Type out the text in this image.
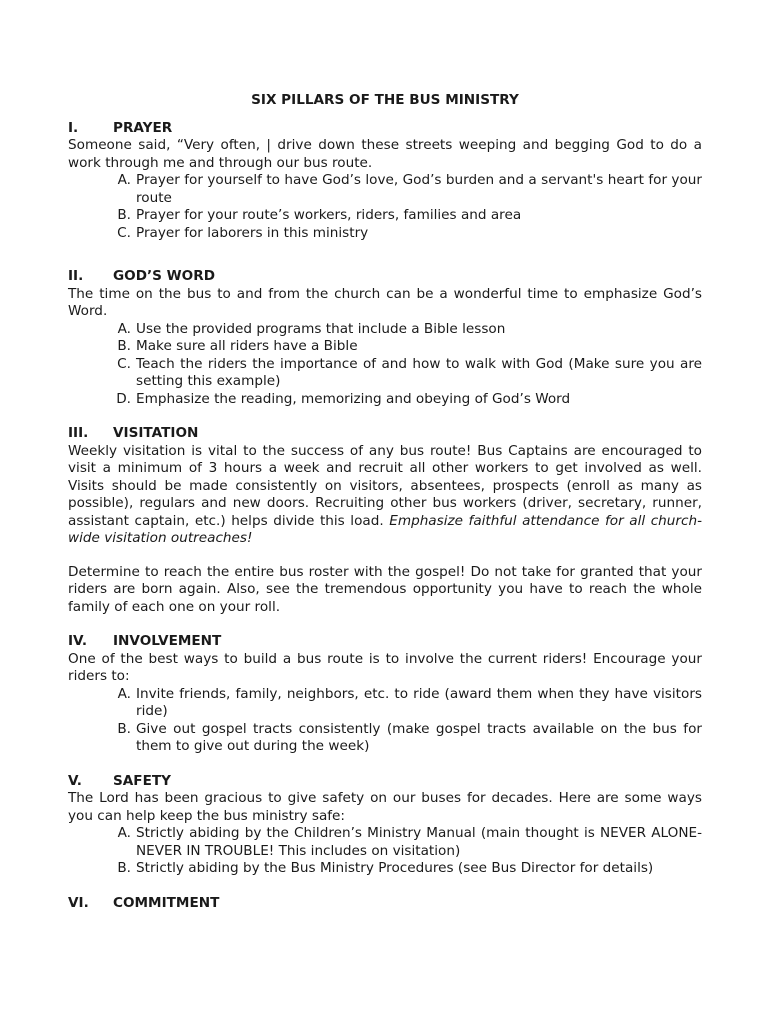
SIX PILLARS OF THE BUS MINISTRY
I.	PRAYER

Someone said, “Very often, | drive down these streets weeping and begging God to do a work through me and through our bus route.

A. Prayer for yourself to have God’s love, God’s burden and a servant's heart for your route
B. Prayer for your route’s workers, riders, families and area
C. Prayer for laborers in this ministry
II.	GOD’S WORD

The time on the bus to and from the church can be a wonderful time to emphasize God’s Word.

A. Use the provided programs that include a Bible lesson
B. Make sure all riders have a Bible
C. Teach the riders the importance of and how to walk with God (Make sure you are setting this example)
D. Emphasize the reading, memorizing and obeying of God’s Word
III.	VISITATION

Weekly visitation is vital to the success of any bus route! Bus Captains are encouraged to visit a minimum of 3 hours a week and recruit all other workers to get involved as well. Visits should be made consistently on visitors, absentees, prospects (enroll as many as possible), regulars and new doors. Recruiting other bus workers (driver, secretary, runner, assistant captain, etc.) helps divide this load. Emphasize faithful attendance for all church-wide visitation outreaches!

Determine to reach the entire bus roster with the gospel! Do not take for granted that your riders are born again. Also, see the tremendous opportunity you have to reach the whole family of each one on your roll.

IV.	INVOLVEMENT

One of the best ways to build a bus route is to involve the current riders! Encourage your riders to:

A. Invite friends, family, neighbors, etc. to ride (award them when they have visitors ride)
B. Give out gospel tracts consistently (make gospel tracts available on the bus for them to give out during the week)
V.	SAFETY

The Lord has been gracious to give safety on our buses for decades. Here are some ways you can help keep the bus ministry safe:

A. Strictly abiding by the Children’s Ministry Manual (main thought is NEVER ALONE-NEVER IN TROUBLE! This includes on visitation)
B. Strictly abiding by the Bus Ministry Procedures (see Bus Director for details)
VI.	COMMITMENT
